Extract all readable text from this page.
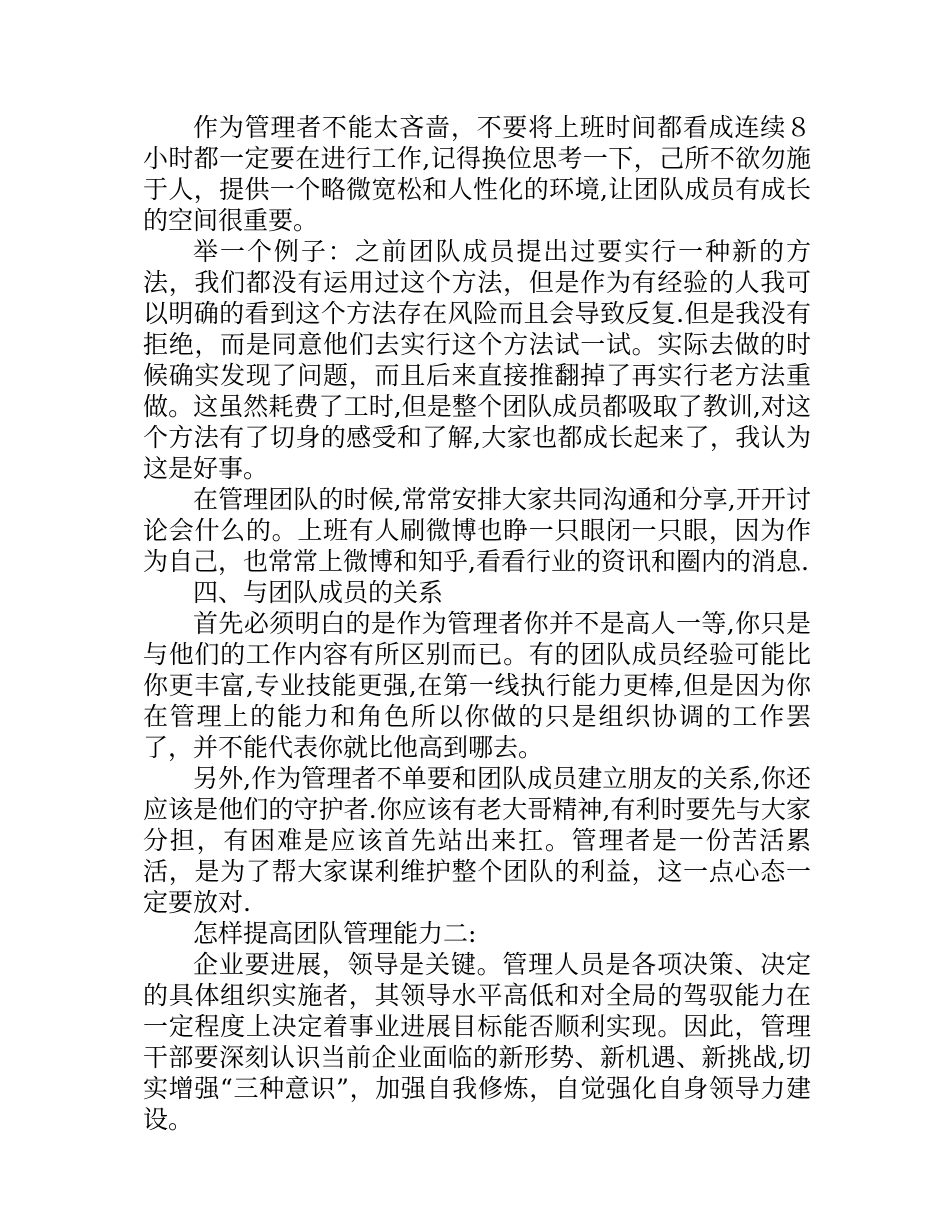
作为管理者不能太吝啬，不要将上班时间都看成连续８小时都一定要在进行工作,记得换位思考一下，己所不欲勿施于人，提供一个略微宽松和人性化的环境,让团队成员有成长的空间很重要。

举一个例子：之前团队成员提出过要实行一种新的方法，我们都没有运用过这个方法，但是作为有经验的人我可以明确的看到这个方法存在风险而且会导致反复.但是我没有拒绝，而是同意他们去实行这个方法试一试。实际去做的时候确实发现了问题，而且后来直接推翻掉了再实行老方法重做。这虽然耗费了工时,但是整个团队成员都吸取了教训,对这个方法有了切身的感受和了解,大家也都成长起来了，我认为这是好事。

在管理团队的时候,常常安排大家共同沟通和分享,开开讨论会什么的。上班有人刷微博也睁一只眼闭一只眼，因为作为自己，也常常上微博和知乎,看看行业的资讯和圈内的消息.

四、与团队成员的关系

首先必须明白的是作为管理者你并不是高人一等,你只是与他们的工作内容有所区别而已。有的团队成员经验可能比你更丰富,专业技能更强,在第一线执行能力更棒,但是因为你在管理上的能力和角色所以你做的只是组织协调的工作罢了，并不能代表你就比他高到哪去。

另外,作为管理者不单要和团队成员建立朋友的关系,你还应该是他们的守护者.你应该有老大哥精神,有利时要先与大家分担，有困难是应该首先站出来扛。管理者是一份苦活累活，是为了帮大家谋利维护整个团队的利益，这一点心态一定要放对.

怎样提高团队管理能力二:

企业要进展，领导是关键。管理人员是各项决策、决定的具体组织实施者，其领导水平高低和对全局的驾驭能力在一定程度上决定着事业进展目标能否顺利实现。因此，管理干部要深刻认识当前企业面临的新形势、新机遇、新挑战,切实增强“三种意识”，加强自我修炼，自觉强化自身领导力建设。
